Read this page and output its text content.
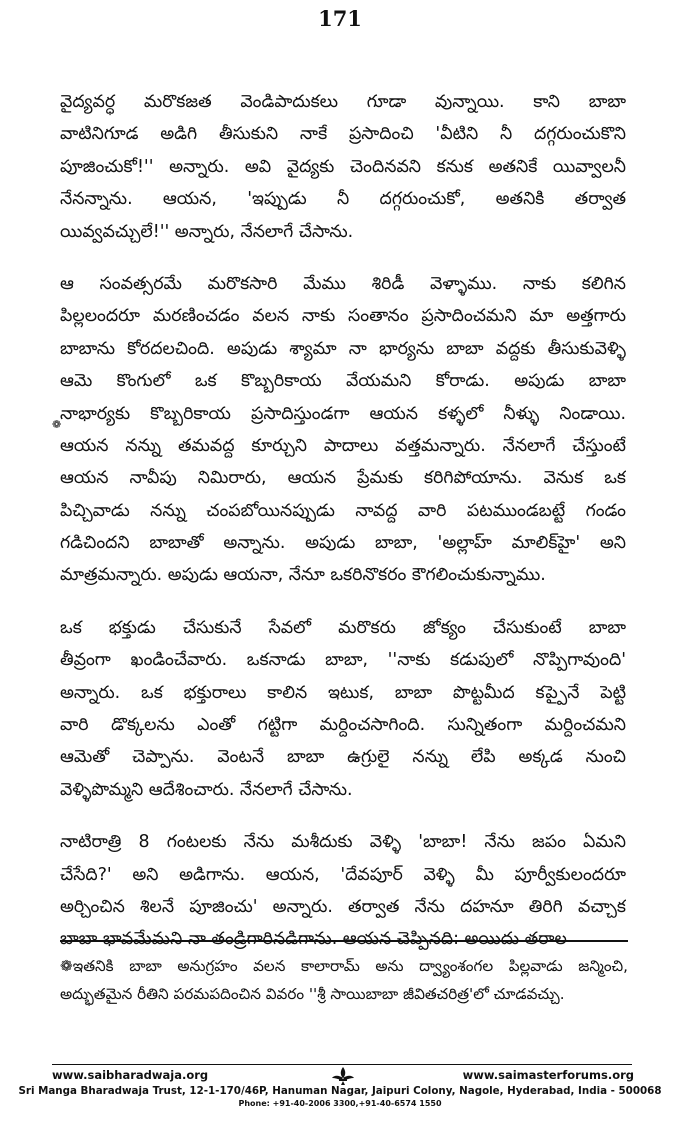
171
వైద్యవర్ధ మరొకజత వెండిపాదుకలు గూడా వున్నాయి. కాని బాబా
వాటినిగూడ అడిగి తీసుకుని నాకే ప్రసాదించి 'వీటిని నీ దగ్గరుంచుకొని
పూజించుకో!'' అన్నారు. అవి వైద్యకు చెందినవని కనుక అతనికే యివ్వాలనీ
నేనన్నాను. ఆయన, 'ఇప్పుడు నీ దగ్గరుంచుకో, అతనికి తర్వాత
యివ్వవచ్చులే!'' అన్నారు, నేనలాగే చేసాను.
ఆ సంవత్సరమే మరొకసారి మేము శిరిడీ వెళ్ళాము. నాకు కలిగిన
పిల్లలందరూ మరణించడం వలన నాకు సంతానం ప్రసాదించమని మా అత్తగారు
బాబాను కోరదలచింది. అపుడు శ్యామా నా భార్యను బాబా వద్దకు తీసుకువెళ్ళి
ఆమె కొంగులో ఒక కొబ్బరికాయ వేయమని కోరాడు. అపుడు బాబా
నాభార్యకు కొబ్బరికాయ ప్రసాదిస్తుండగా ఆయన కళ్ళలో నీళ్ళు నిండాయి.
ఆయన నన్ను తమవద్ద కూర్చుని పాదాలు వత్తమన్నారు. నేనలాగే చేస్తుంటే
ఆయన నావీపు నిమిరారు, ఆయన ప్రేమకు కరిగిపోయాను. వెనుక ఒక
పిచ్చివాడు నన్ను చంపబోయినప్పుడు నావద్ద వారి పటముండబట్టే గండం
గడిచిందని బాబాతో అన్నాను. అపుడు బాబా, 'అల్లాహ్ మాలిక్‌హై' అని
మాత్రమన్నారు. అపుడు ఆయనా, నేనూ ఒకరినొకరం కౌగలించుకున్నాము.
ఒక భక్తుడు చేసుకునే సేవలో మరొకరు జోక్యం చేసుకుంటే బాబా
తీవ్రంగా ఖండించేవారు. ఒకనాడు బాబా, ''నాకు కడుపులో నొప్పిగావుంది'
అన్నారు. ఒక భక్తురాలు కాలిన ఇటుక, బాబా పొట్టమీద కప్పైనే పెట్టి
వారి డొక్కలను ఎంతో గట్టిగా మర్దించసాగింది. సున్నితంగా మర్దించమని
ఆమెతో చెప్పాను. వెంటనే బాబా ఉగ్రులై నన్ను లేపి అక్కడ నుంచి
వెళ్ళిపొమ్మని ఆదేశించారు. నేనలాగే చేసాను.
నాటిరాత్రి 8 గంటలకు నేను మశీదుకు వెళ్ళి 'బాబా! నేను జపం ఏమని
చేసేది?' అని అడిగాను. ఆయన, 'దేవపూర్ వెళ్ళి మీ పూర్వీకులందరూ
అర్చించిన శిలనే పూజించు' అన్నారు. తర్వాత నేను దహనూ తిరిగి వచ్చాక
బాబా భావమేమని నా తండ్రిగారినడిగాను. ఆయన చెప్పినది: అయిదు తరాల
❁
❁ఇతనికి బాబా అనుగ్రహం వలన కాలారామ్ అను ద్వ్యాంశంగల పిల్లవాడు జన్మించి,
అద్భుతమైన రీతిని పరమపదించిన వివరం ''శ్రీ సాయిబాబా జీవితచరిత్ర'లో చూడవచ్చు.
www.saibharadwaja.org	www.saimasterforums.org
Sri Manga Bharadwaja Trust, 12-1-170/46P, Hanuman Nagar, Jaipuri Colony, Nagole, Hyderabad, India - 500068
Phone: +91-40-2006 3300,+91-40-6574 1550
